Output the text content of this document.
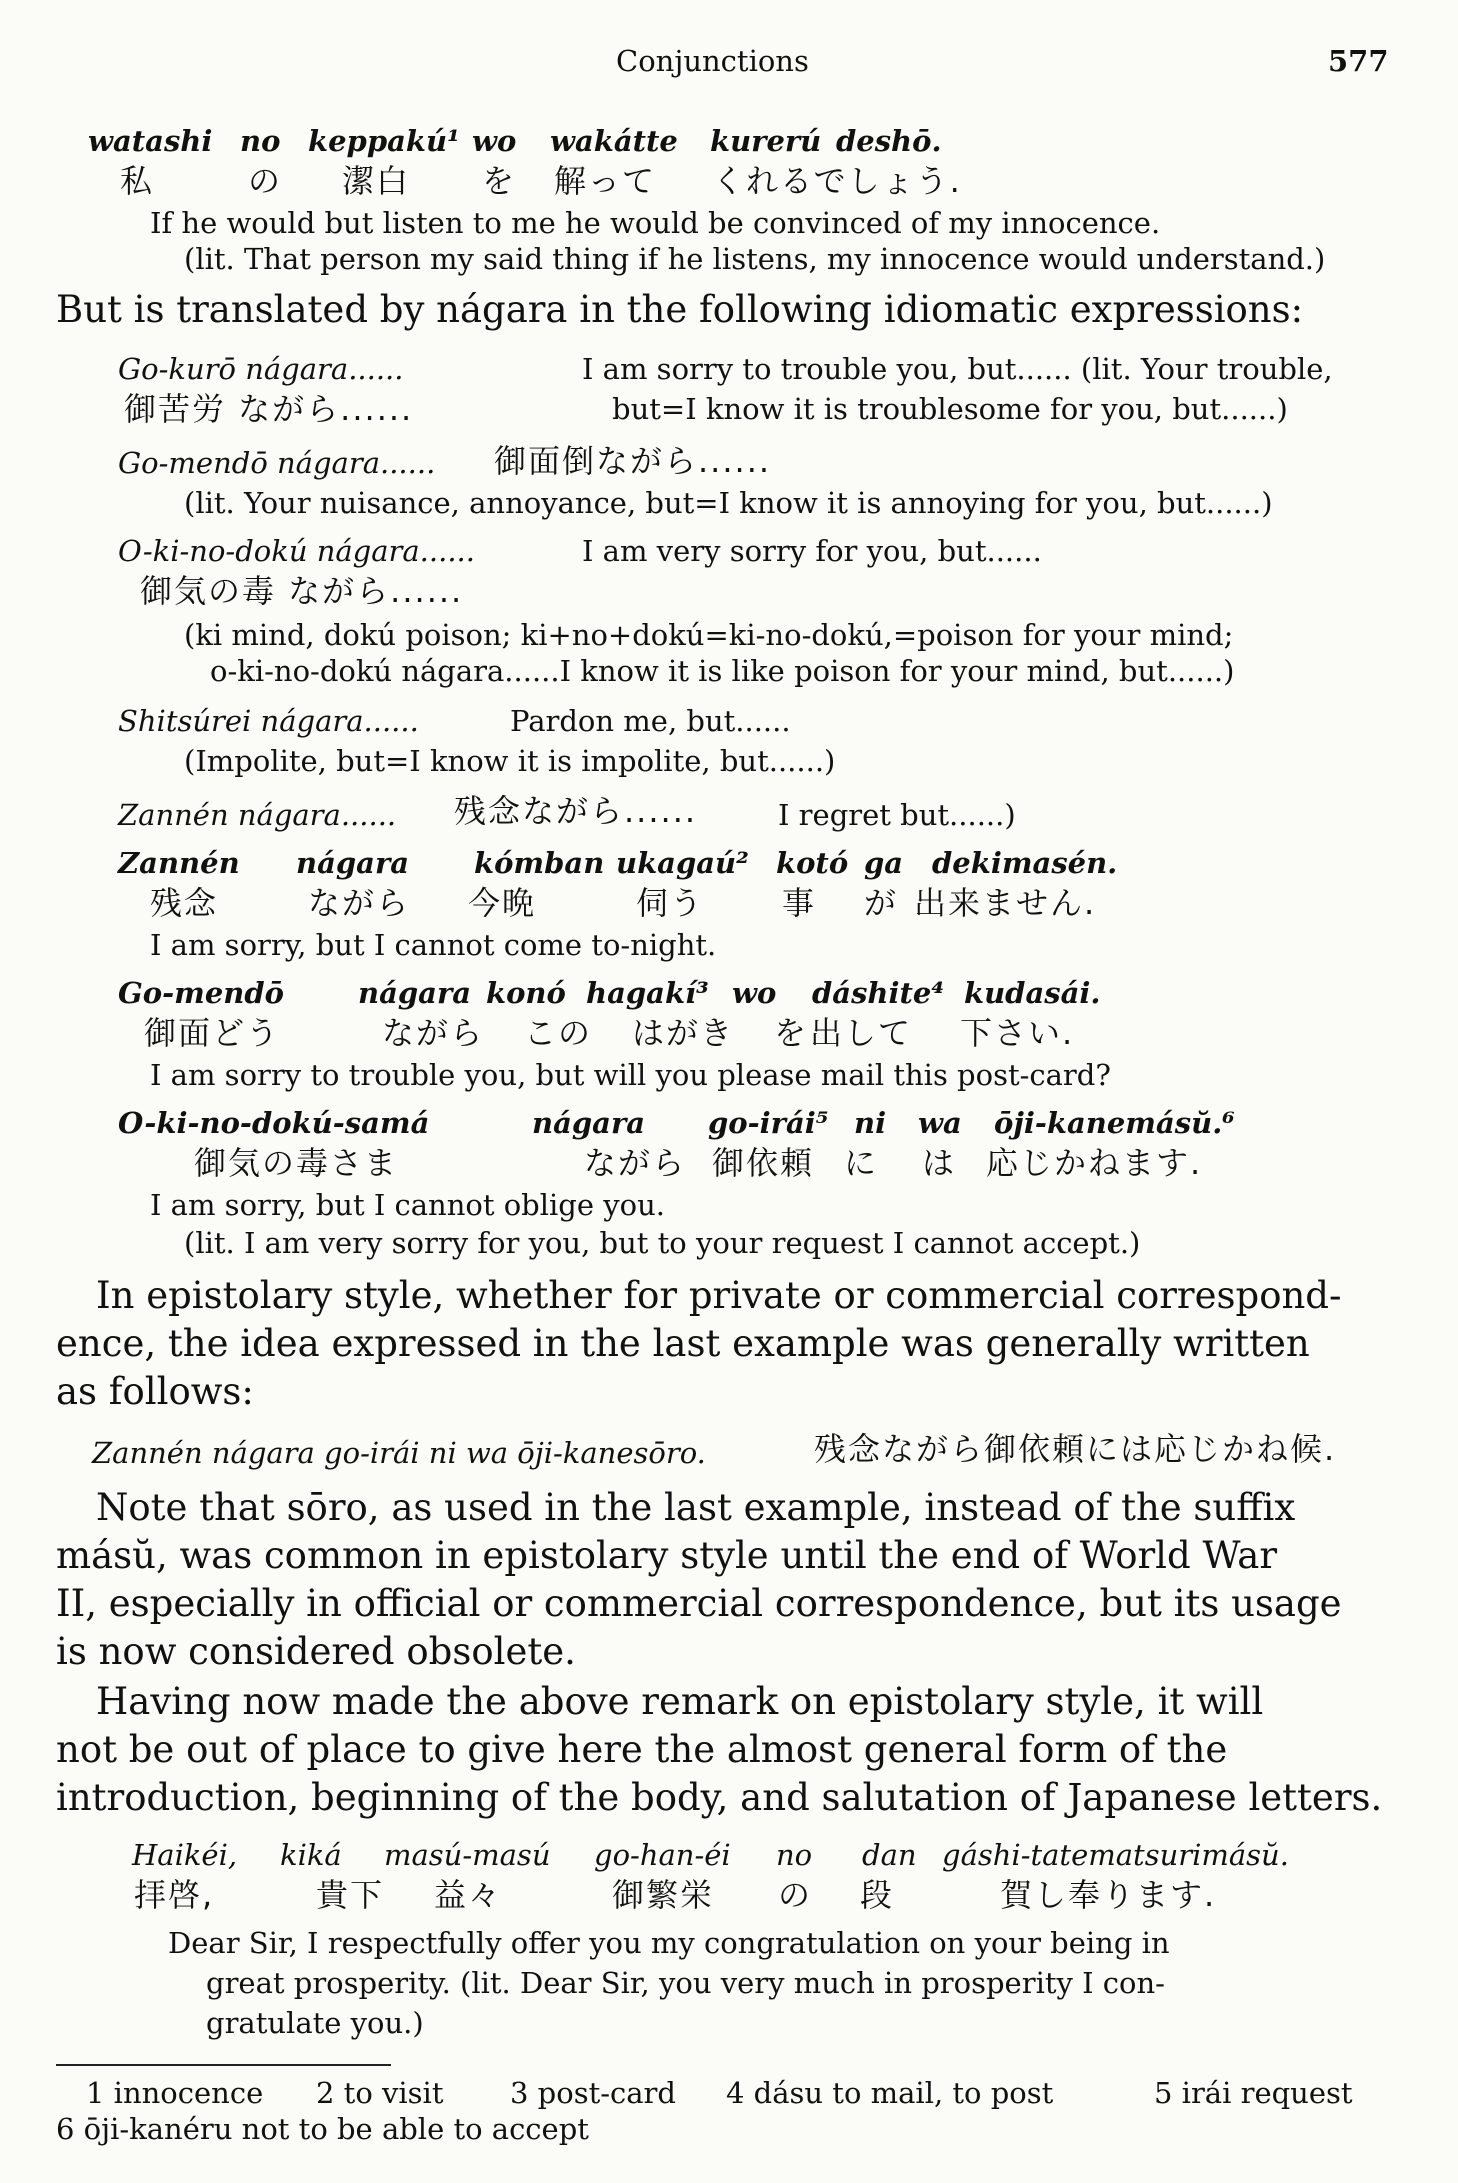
Conjunctions	577
watashi no keppakú¹ wo wakátte kurerú deshō.
私	の 潔白 を 解って くれるでしょう.
If he would but listen to me he would be convinced of my innocence.
(lit. That person my said thing if he listens, my innocence would understand.)
But is translated by nágara in the following idiomatic expressions:
Go-kurō nágara......	I am sorry to trouble you, but...... (lit. Your trouble,
御苦労 ながら......	but=I know it is troublesome for you, but......)
Go-mendō nágara...... 御面倒ながら......
(lit. Your nuisance, annoyance, but=I know it is annoying for you, but......)
O-ki-no-dokú nágara......	I am very sorry for you, but......
御気の毒 ながら......
(ki mind, dokú poison; ki+no+dokú=ki-no-dokú,=poison for your mind;
o-ki-no-dokú nágara......I know it is like poison for your mind, but......)
Shitsúrei nágara......	Pardon me, but......
(Impolite, but=I know it is impolite, but......)
Zannén nágara...... 残念ながら......	I regret but......)
Zannén nágara kómban ukagaú² kotó ga dekimasén.
残念	ながら 今晩	伺う 事 が 出来ません.
I am sorry, but I cannot come to-night.
Go-mendō	nágara konó hagakí³ wo dáshite⁴ kudasái.
御面どう	ながら この はがき を 出して 下さい.
I am sorry to trouble you, but will you please mail this post-card?
O-ki-no-dokú-samá	nágara go-irái⁵ ni wa ōji-kanemásŭ.⁶
御気の毒さま	ながら 御依頼 に は 応じかねます.
I am sorry, but I cannot oblige you.
(lit. I am very sorry for you, but to your request I cannot accept.)
In epistolary style, whether for private or commercial correspond-
ence, the idea expressed in the last example was generally written
as follows:
Zannén nágara go-irái ni wa ōji-kanesōro.	残念ながら御依頼には応じかね候.
Note that sōro, as used in the last example, instead of the suffix
másŭ, was common in epistolary style until the end of World War
II, especially in official or commercial correspondence, but its usage
is now considered obsolete.
Having now made the above remark on epistolary style, it will
not be out of place to give here the almost general form of the
introduction, beginning of the body, and salutation of Japanese letters.
Haikéi, kiká masú-masú go-han-éi no dan gáshi-tatematsurimásŭ.
拝啓,	貴下 益々	御繁栄 の 段	賀し奉ります.
Dear Sir, I respectfully offer you my congratulation on your being in
great prosperity. (lit. Dear Sir, you very much in prosperity I con-
gratulate you.)
1 innocence 2 to visit 3 post-card 4 dásu to mail, to post	5 irái request
6 ōji-kanéru not to be able to accept
